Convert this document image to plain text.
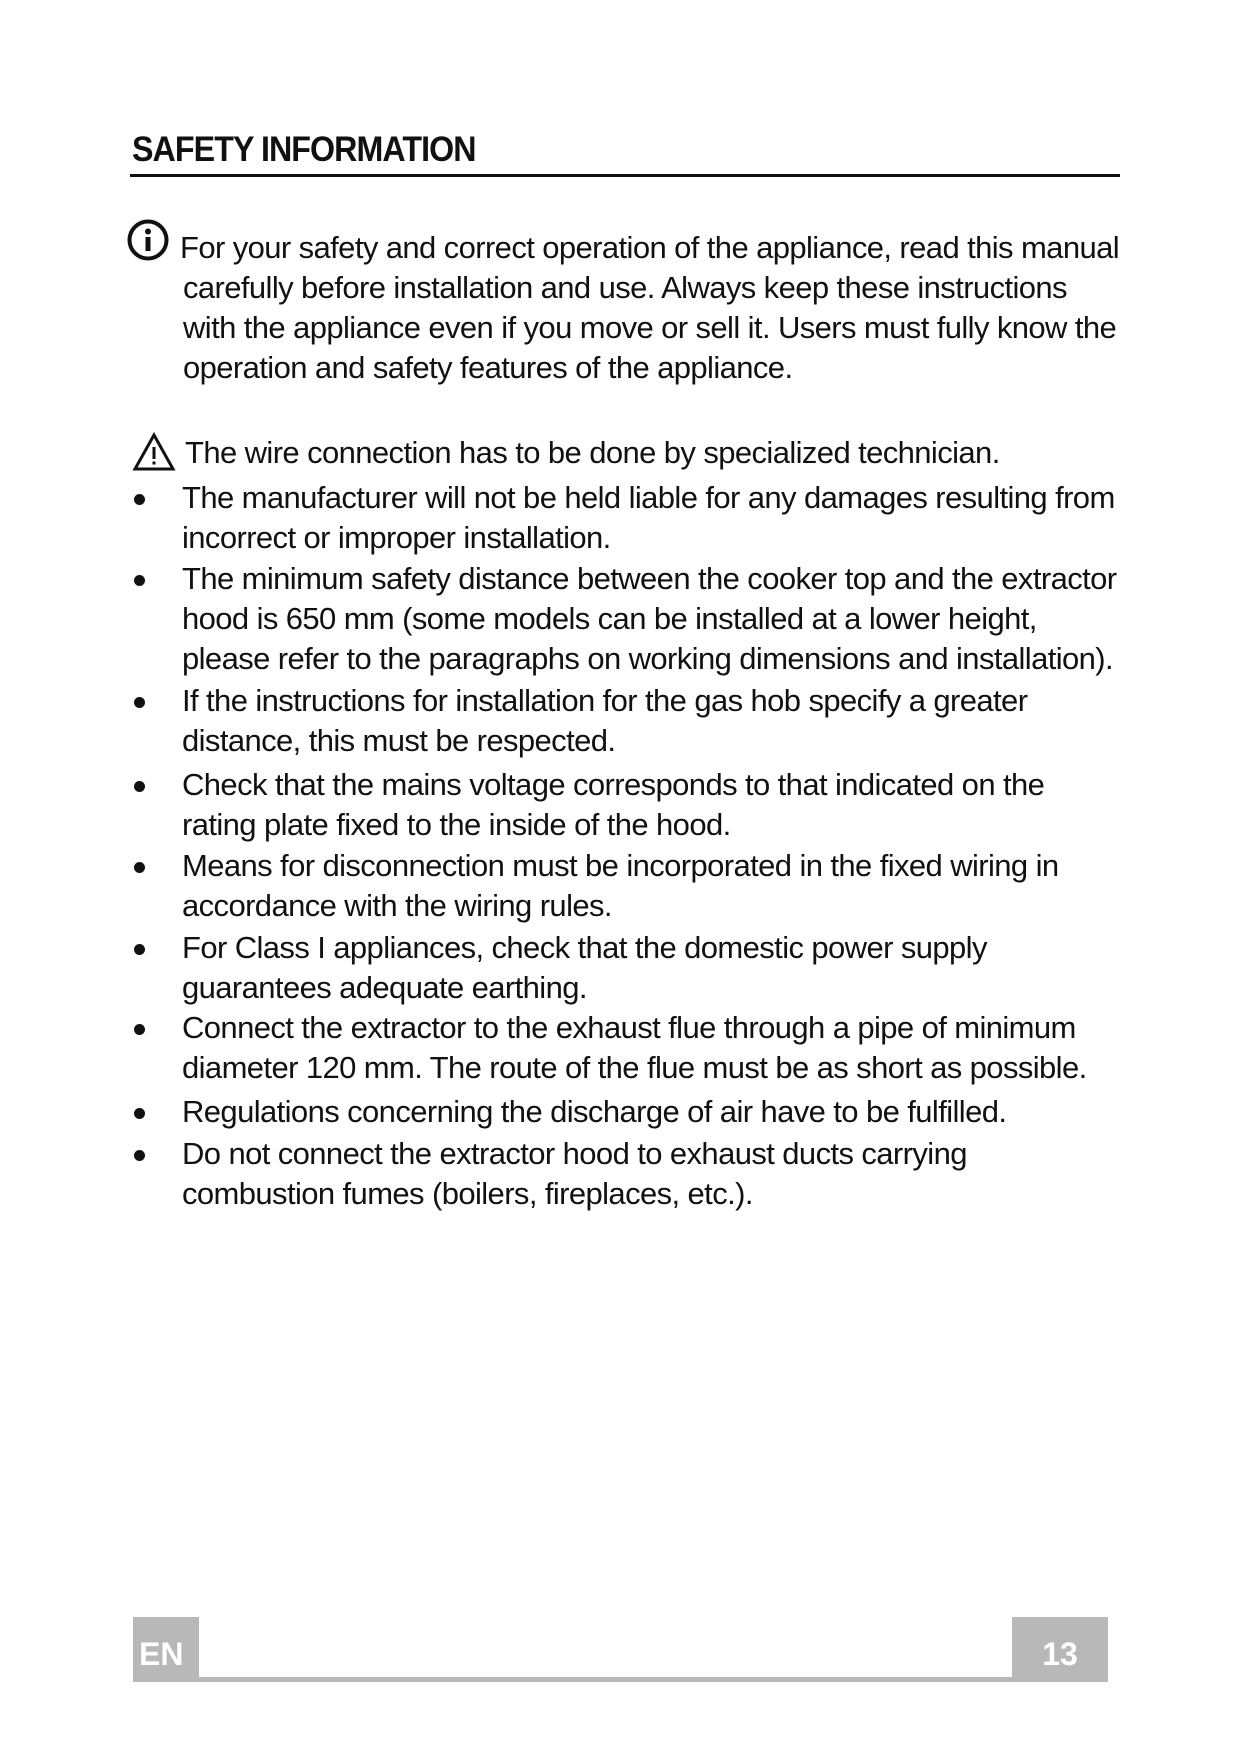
SAFETY INFORMATION
For your safety and correct operation of the appliance, read this manual
carefully before installation and use. Always keep these instructions
with the appliance even if you move or sell it. Users must fully know the
operation and safety features of the appliance.
The wire connection has to be done by specialized technician.
The manufacturer will not be held liable for any damages resulting from
incorrect or improper installation.
The minimum safety distance between the cooker top and the extractor
hood is 650 mm (some models can be installed at a lower height,
please refer to the paragraphs on working dimensions and installation).
If the instructions for installation for the gas hob specify a greater
distance, this must be respected.
Check that the mains voltage corresponds to that indicated on the
rating plate fixed to the inside of the hood.
Means for disconnection must be incorporated in the fixed wiring in
accordance with the wiring rules.
For Class I appliances, check that the domestic power supply
guarantees adequate earthing.
Connect the extractor to the exhaust flue through a pipe of minimum
diameter 120 mm. The route of the flue must be as short as possible.
Regulations concerning the discharge of air have to be fulfilled.
Do not connect the extractor hood to exhaust ducts carrying
combustion fumes (boilers, fireplaces, etc.).
EN	13
